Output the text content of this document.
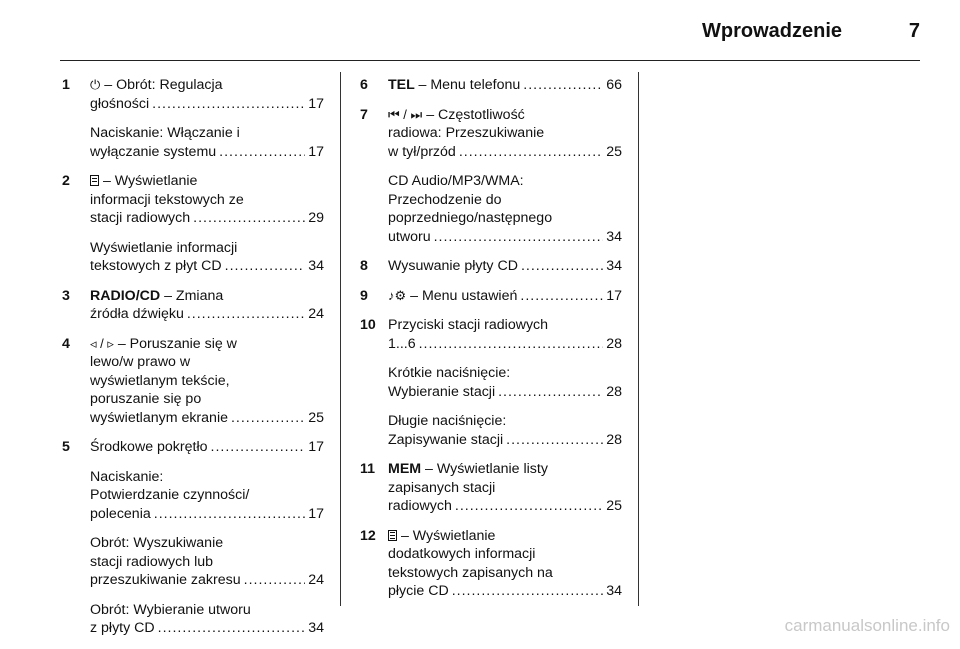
Wprowadzenie	7
1	⏻ – Obrót: Regulacja
głośności .....	17
Naciskanie: Włączanie i
wyłączanie systemu .....	17
2	– Wyświetlanie
informacji tekstowych ze
stacji radiowych .....	29
Wyświetlanie informacji
tekstowych z płyt CD .....	34
3	RADIO/CD – Zmiana
źródła dźwięku .....	24
4	◃ / ▹ – Poruszanie się w
lewo/w prawo w
wyświetlanym tekście,
poruszanie się po
wyświetlanym ekranie .....	25
5	Środkowe pokrętło .....	17
Naciskanie:
Potwierdzanie czynności/
polecenia .....	17
Obrót: Wyszukiwanie
stacji radiowych lub
przeszukiwanie zakresu .....	24
Obrót: Wybieranie utworu
z płyty CD .....	34
6	TEL – Menu telefonu .....	66
7	⏮ / ⏭ – Częstotliwość
radiowa: Przeszukiwanie
w tył/przód .....	25
CD Audio/MP3/WMA:
Przechodzenie do
poprzedniego/następnego
utworu .....	34
8	Wysuwanie płyty CD .....	34
9	♪⚙ – Menu ustawień .....	17
10 Przyciski stacji radiowych
1...6 .....	28
Krótkie naciśnięcie:
Wybieranie stacji .....	28
Długie naciśnięcie:
Zapisywanie stacji .....	28
11 MEM – Wyświetlanie listy
zapisanych stacji
radiowych .....	25
12	– Wyświetlanie
dodatkowych informacji
tekstowych zapisanych na
płycie CD .....	34
carmanualsonline.info
